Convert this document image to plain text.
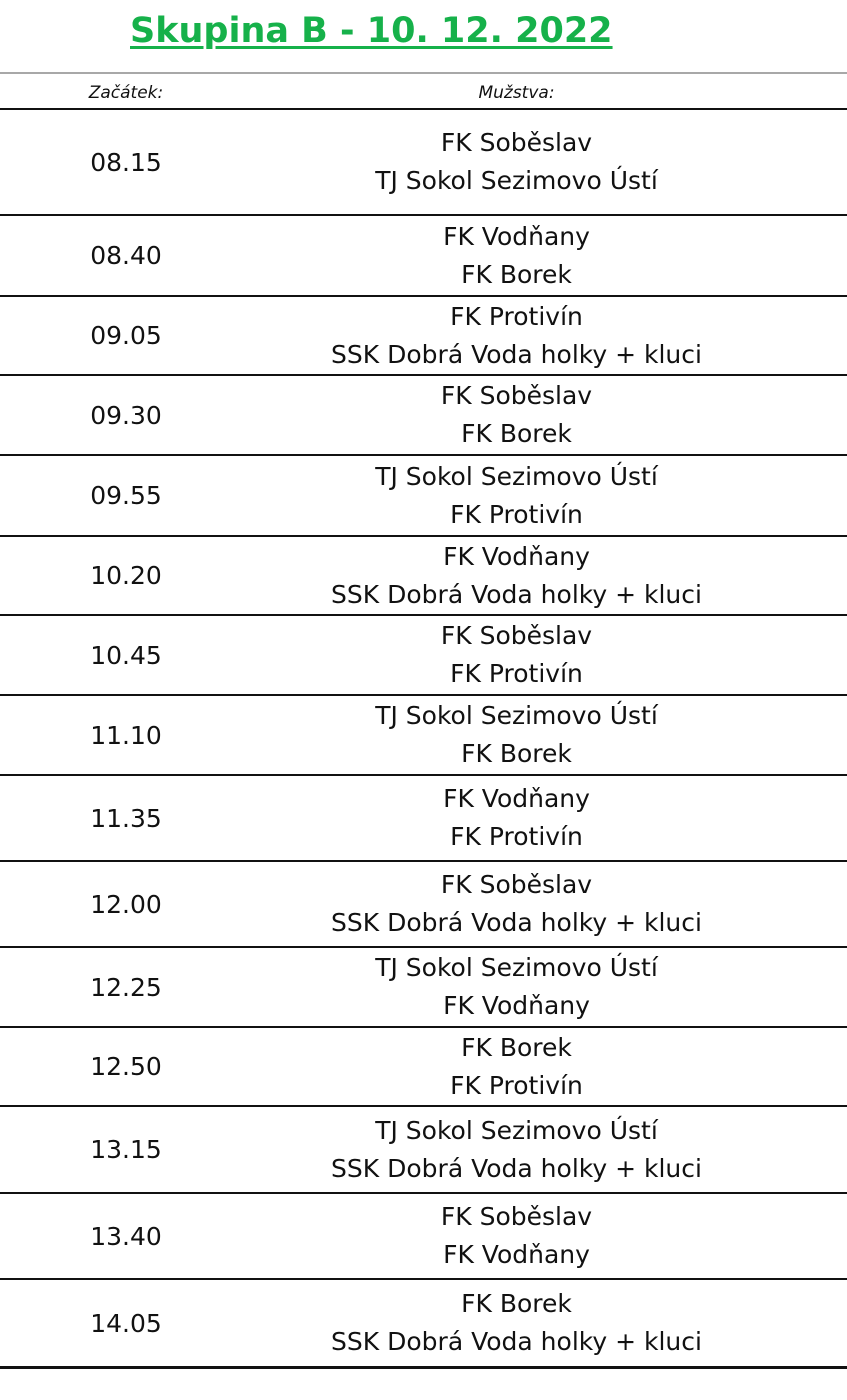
Skupina B - 10. 12. 2022
Začátek:	Mužstva:
08.15
FK Soběslav
TJ Sokol Sezimovo Ústí
08.40
FK Vodňany
FK Borek
09.05
FK Protivín
SSK Dobrá Voda holky + kluci
09.30
FK Soběslav
FK Borek
09.55
TJ Sokol Sezimovo Ústí
FK Protivín
10.20
FK Vodňany
SSK Dobrá Voda holky + kluci
10.45
FK Soběslav
FK Protivín
11.10
TJ Sokol Sezimovo Ústí
FK Borek
11.35
FK Vodňany
FK Protivín
12.00
FK Soběslav
SSK Dobrá Voda holky + kluci
12.25
TJ Sokol Sezimovo Ústí
FK Vodňany
12.50
FK Borek
FK Protivín
13.15
TJ Sokol Sezimovo Ústí
SSK Dobrá Voda holky + kluci
13.40
FK Soběslav
FK Vodňany
14.05
FK Borek
SSK Dobrá Voda holky + kluci
